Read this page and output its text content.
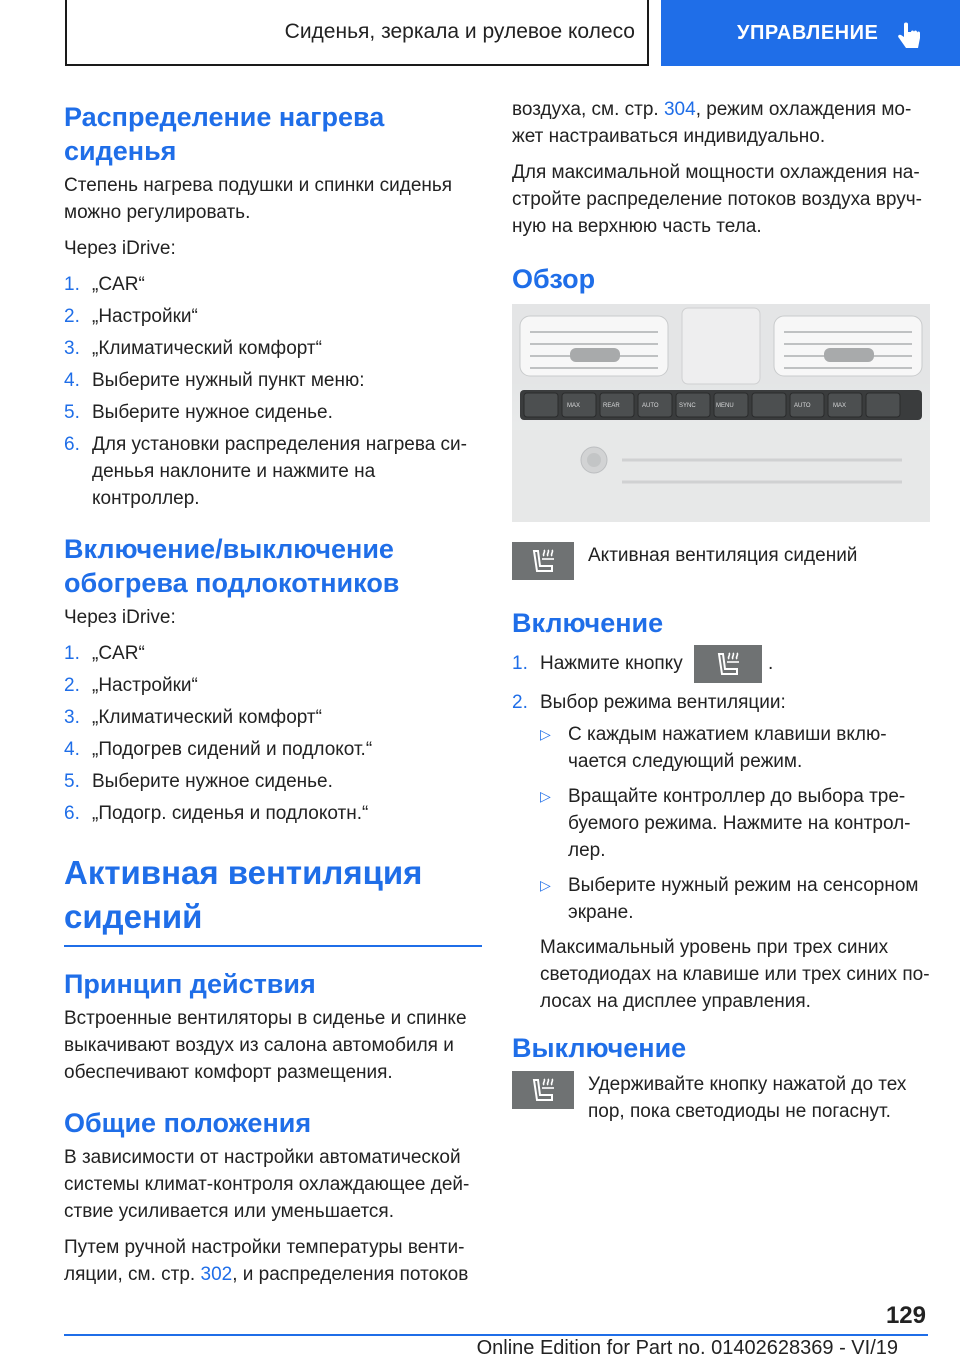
Сиденья, зеркала и рулевое колесо	УПРАВЛЕНИЕ
Распределение нагрева сиденья

Степень нагрева подушки и спинки сиденья можно регулировать.

Через iDrive:

1. „CAR“
2. „Настройки“
3. „Климатический комфорт“
4. Выберите нужный пункт меню:
5. Выберите нужное сиденье.
6. Для установки распределения нагрева си-деньья наклоните и нажмите на контроллер.
Включение/выключение обогрева подлокотников

Через iDrive:

1. „CAR“
2. „Настройки“
3. „Климатический комфорт“
4. „Подогрев сидений и подлокот.“
5. Выберите нужное сиденье.
6. „Подогр. сиденья и подлокотн.“
Активная вентиляция сидений
Принцип действия

Встроенные вентиляторы в сиденье и спинке выкачивают воздух из салона автомобиля и обеспечивают комфорт размещения.

Общие положения

В зависимости от настройки автоматической системы климат-контроля охлаждающее дей-ствие усиливается или уменьшается.

Путем ручной настройки температуры венти-ляции, см. стр. 302, и распределения потоков

воздуха, см. стр. 304, режим охлаждения мо-жет настраиваться индивидуально.

Для максимальной мощности охлаждения на-стройте распределение потоков воздуха вруч-ную на верхнюю часть тела.

Обзор
MAX	REAR	AUTO	SYNC	MENU	AUTO	MAX
Активная вентиляция сидений
Включение
1. Нажмите кнопку	.
2. Выбор режима вентиляции:
▷ С каждым нажатием клавиши вклю-чается следующий режим.
▷ Вращайте контроллер до выбора тре-буемого режима. Нажмите на контрол-лер.
▷ Выберите нужный режим на сенсорном экране.

Максимальный уровень при трех синих светодиодах на клавише или трех синих по-лосах на дисплее управления.

Выключение
Удерживайте кнопку нажатой до тех пор, пока светодиоды не погаснут.
129
Online Edition for Part no. 01402628369 - VI/19
